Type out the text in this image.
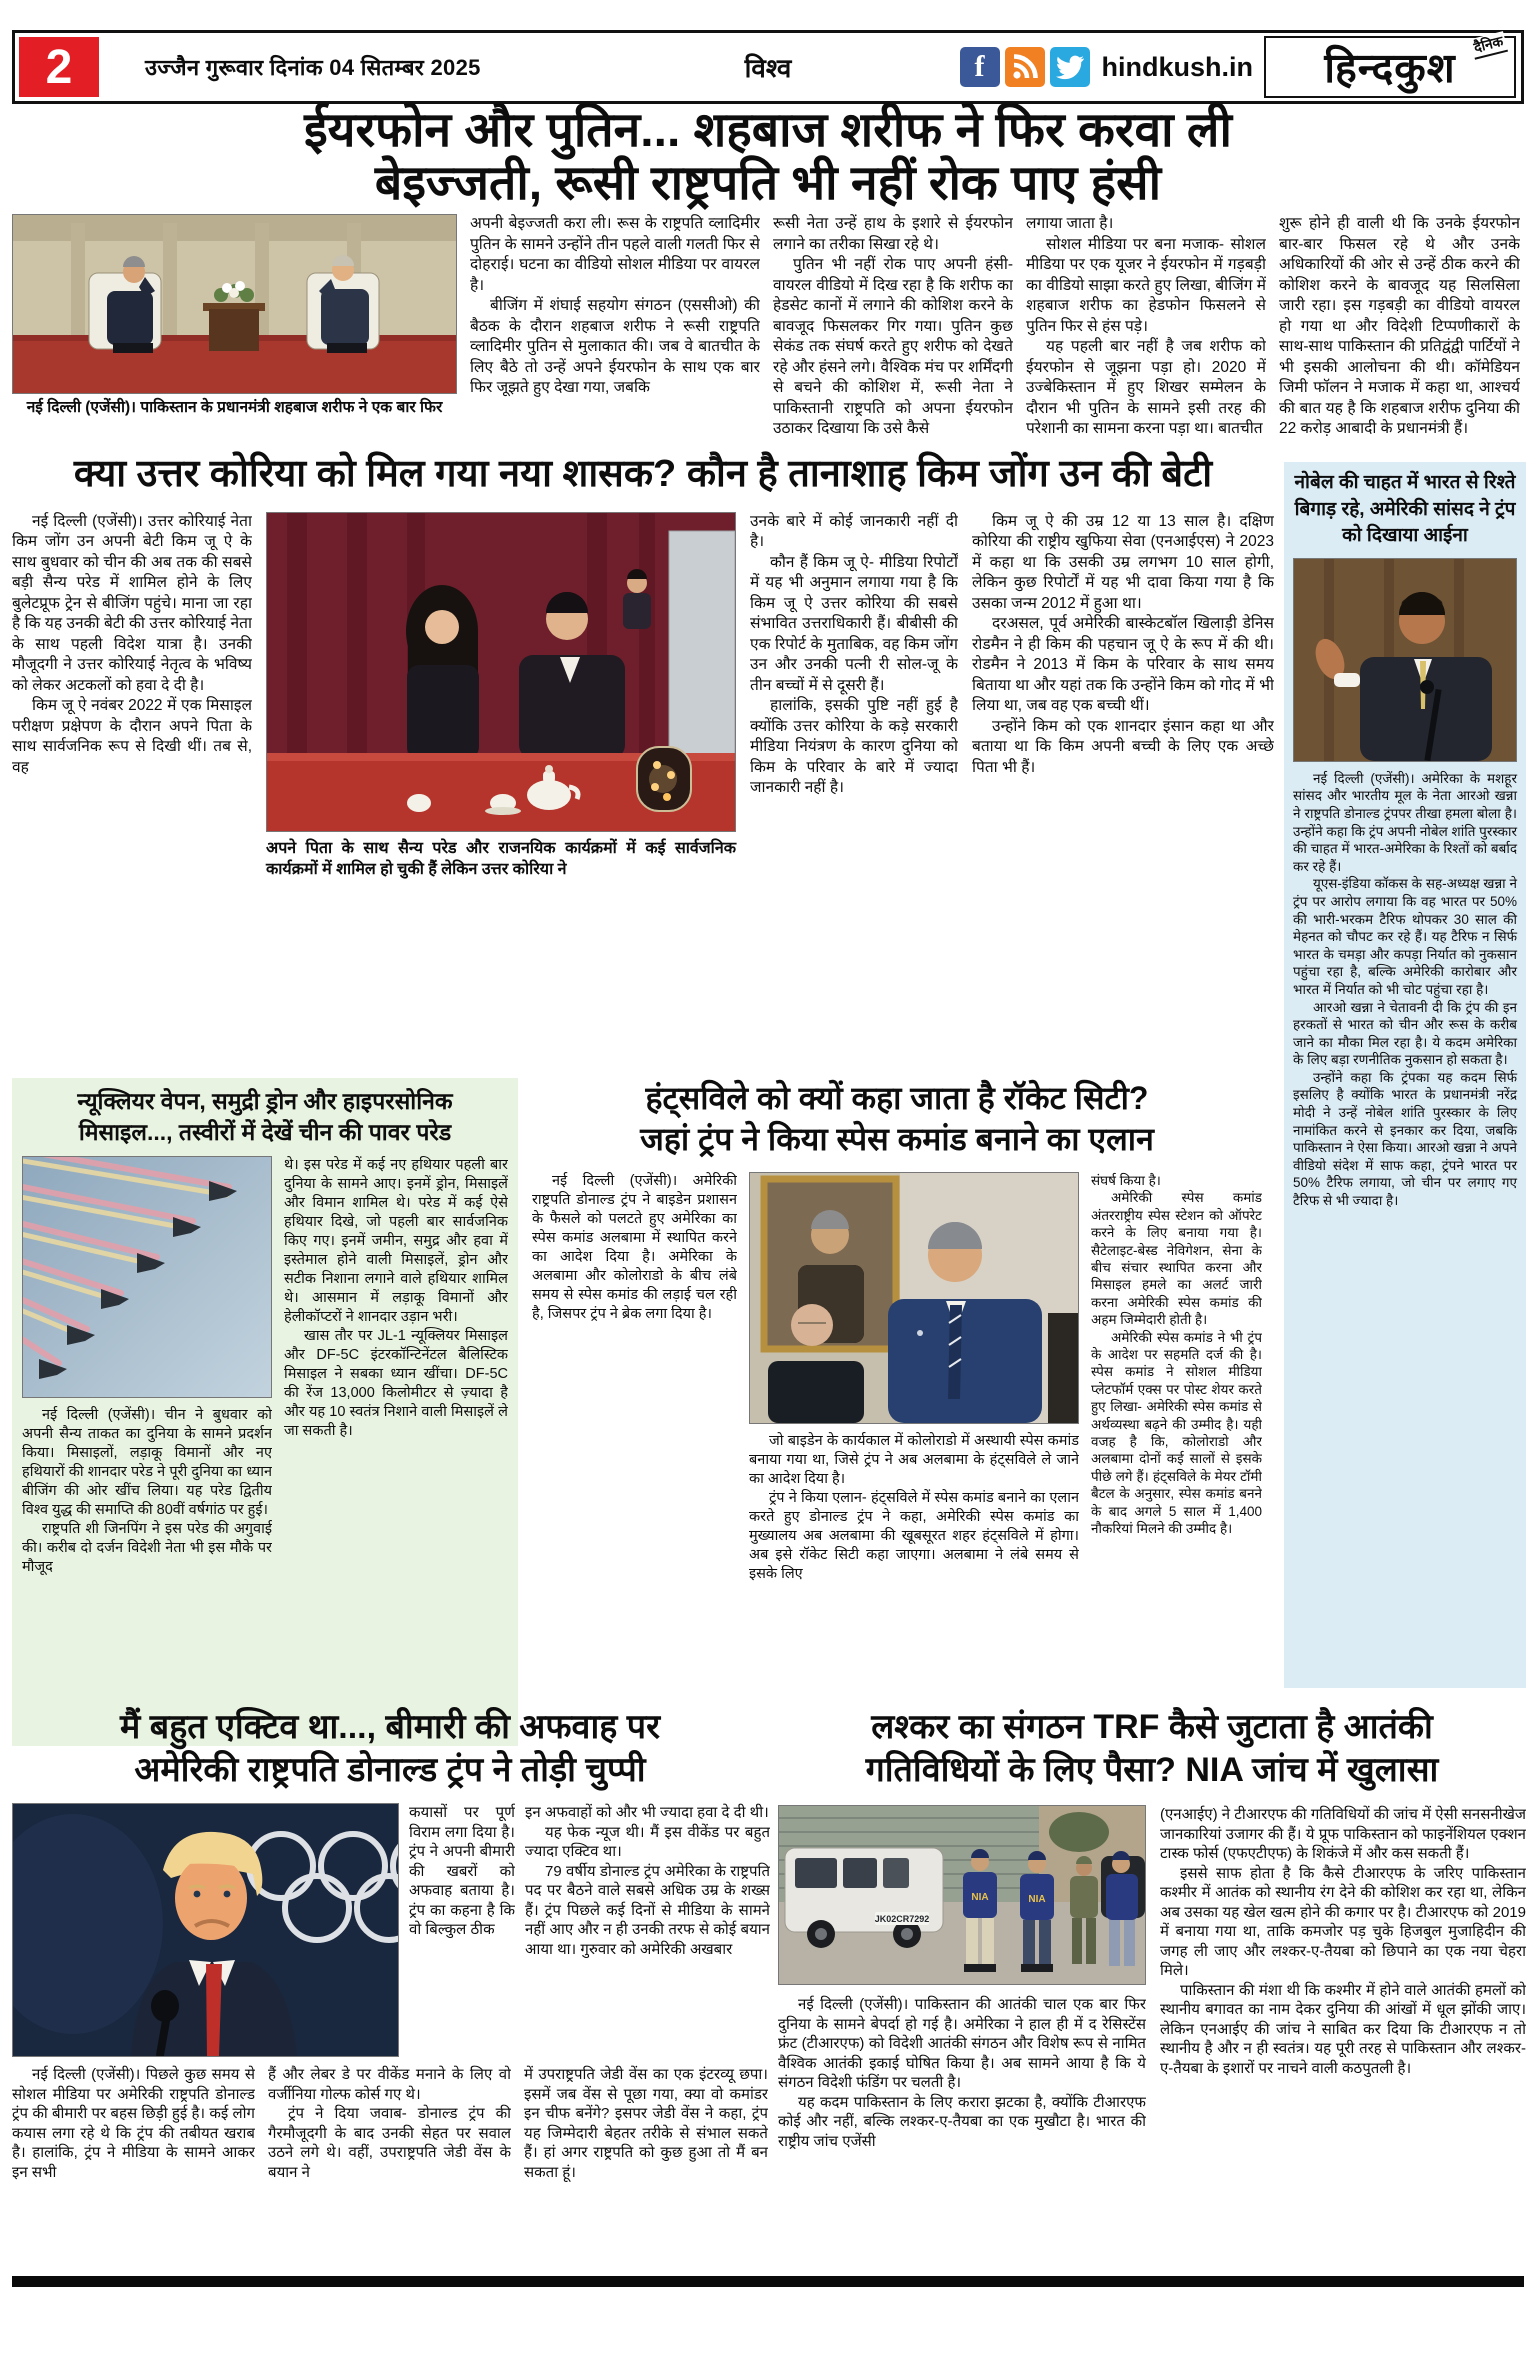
2	उज्जैन गुरूवार दिनांक 04 सितम्बर 2025	विश्व	f	hindkush.in हिन्दकुश
दैनिक
ईयरफोन और पुतिन... शहबाज शरीफ ने फिर करवा ली
बेइज्जती, रूसी राष्ट्रपति भी नहीं रोक पाए हंसी
नई दिल्ली (एजेंसी)। पाकिस्तान के प्रधानमंत्री शहबाज शरीफ ने एक बार फिर

अपनी बेइज्जती करा ली। रूस के राष्ट्रपति व्लादिमीर पुतिन के सामने उन्होंने तीन पहले वाली गलती फिर से दोहराई। घटना का वीडियो सोशल मीडिया पर वायरल है।

बीजिंग में शंघाई सहयोग संगठन (एससीओ) की बैठक के दौरान शहबाज शरीफ ने रूसी राष्ट्रपति व्लादिमीर पुतिन से मुलाकात की। जब वे बातचीत के लिए बैठे तो उन्हें अपने ईयरफोन के साथ एक बार फिर जूझते हुए देखा गया, जबकि

रूसी नेता उन्हें हाथ के इशारे से ईयरफोन लगाने का तरीका सिखा रहे थे।

पुतिन भी नहीं रोक पाए अपनी हंसी- वायरल वीडियो में दिख रहा है कि शरीफ का हेडसेट कानों में लगाने की कोशिश करने के बावजूद फिसलकर गिर गया। पुतिन कुछ सेकंड तक संघर्ष करते हुए शरीफ को देखते रहे और हंसने लगे। वैश्विक मंच पर शर्मिंदगी से बचने की कोशिश में, रूसी नेता ने पाकिस्तानी राष्ट्रपति को अपना ईयरफोन उठाकर दिखाया कि उसे कैसे

लगाया जाता है।

सोशल मीडिया पर बना मजाक- सोशल मीडिया पर एक यूजर ने ईयरफोन में गड़बड़ी का वीडियो साझा करते हुए लिखा, बीजिंग में शहबाज शरीफ का हेडफोन फिसलने से पुतिन फिर से हंस पड़े।

यह पहली बार नहीं है जब शरीफ को ईयरफोन से जूझना पड़ा हो। 2020 में उज्बेकिस्तान में हुए शिखर सम्मेलन के दौरान भी पुतिन के सामने इसी तरह की परेशानी का सामना करना पड़ा था। बातचीत

शुरू होने ही वाली थी कि उनके ईयरफोन बार-बार फिसल रहे थे और उनके अधिकारियों की ओर से उन्हें ठीक करने की कोशिश करने के बावजूद यह सिलसिला जारी रहा। इस गड़बड़ी का वीडियो वायरल हो गया था और विदेशी टिप्पणीकारों के साथ-साथ पाकिस्तान की प्रतिद्वंद्वी पार्टियों ने भी इसकी आलोचना की थी। कॉमेडियन जिमी फॉलन ने मजाक में कहा था, आश्चर्य की बात यह है कि शहबाज शरीफ दुनिया की 22 करोड़ आबादी के प्रधानमंत्री हैं।

क्या उत्तर कोरिया को मिल गया नया शासक? कौन है तानाशाह किम जोंग उन की बेटी

नई दिल्ली (एजेंसी)। उत्तर कोरियाई नेता किम जोंग उन अपनी बेटी किम जू ऐ के साथ बुधवार को चीन की अब तक की सबसे बड़ी सैन्य परेड में शामिल होने के लिए बुलेटप्रूफ ट्रेन से बीजिंग पहुंचे। माना जा रहा है कि यह उनकी बेटी की उत्तर कोरियाई नेता के साथ पहली विदेश यात्रा है। उनकी मौजूदगी ने उत्तर कोरियाई नेतृत्व के भविष्य को लेकर अटकलों को हवा दे दी है।

किम जू ऐ नवंबर 2022 में एक मिसाइल परीक्षण प्रक्षेपण के दौरान अपने पिता के साथ सार्वजनिक रूप से दिखी थीं। तब से, वह

अपने पिता के साथ सैन्य परेड और राजनयिक कार्यक्रमों में कई सार्वजनिक कार्यक्रमों में शामिल हो चुकी हैं लेकिन उत्तर कोरिया ने

उनके बारे में कोई जानकारी नहीं दी है।

कौन हैं किम जू ऐ- मीडिया रिपोर्टों में यह भी अनुमान लगाया गया है कि किम जू ऐ उत्तर कोरिया की सबसे संभावित उत्तराधिकारी हैं। बीबीसी की एक रिपोर्ट के मुताबिक, वह किम जोंग उन और उनकी पत्नी री सोल-जू के तीन बच्चों में से दूसरी हैं।

हालांकि, इसकी पुष्टि नहीं हुई है क्योंकि उत्तर कोरिया के कड़े सरकारी मीडिया नियंत्रण के कारण दुनिया को किम के परिवार के बारे में ज्यादा जानकारी नहीं है।

किम जू ऐ की उम्र 12 या 13 साल है। दक्षिण कोरिया की राष्ट्रीय खुफिया सेवा (एनआईएस) ने 2023 में कहा था कि उसकी उम्र लगभग 10 साल होगी, लेकिन कुछ रिपोर्टों में यह भी दावा किया गया है कि उसका जन्म 2012 में हुआ था।

दरअसल, पूर्व अमेरिकी बास्केटबॉल खिलाड़ी डेनिस रोडमैन ने ही किम की पहचान जू ऐ के रूप में की थी। रोडमैन ने 2013 में किम के परिवार के साथ समय बिताया था और यहां तक कि उन्होंने किम को गोद में भी लिया था, जब वह एक बच्ची थीं।

उन्होंने किम को एक शानदार इंसान कहा था और बताया था कि किम अपनी बच्ची के लिए एक अच्छे पिता भी हैं।

नोबेल की चाहत में भारत से रिश्ते बिगाड़ रहे, अमेरिकी सांसद ने ट्रंप को दिखाया आईना

नई दिल्ली (एजेंसी)। अमेरिका के मशहूर सांसद और भारतीय मूल के नेता आरओ खन्ना ने राष्ट्रपति डोनाल्ड ट्रंपपर तीखा हमला बोला है। उन्होंने कहा कि ट्रंप अपनी नोबेल शांति पुरस्कार की चाहत में भारत-अमेरिका के रिश्तों को बर्बाद कर रहे हैं।

यूएस-इंडिया कॉकस के सह-अध्यक्ष खन्ना ने ट्रंप पर आरोप लगाया कि वह भारत पर 50% की भारी-भरकम टैरिफ थोपकर 30 साल की मेहनत को चौपट कर रहे हैं। यह टैरिफ न सिर्फ भारत के चमड़ा और कपड़ा निर्यात को नुकसान पहुंचा रहा है, बल्कि अमेरिकी कारोबार और भारत में निर्यात को भी चोट पहुंचा रहा है।

आरओ खन्ना ने चेतावनी दी कि ट्रंप की इन हरकतों से भारत को चीन और रूस के करीब जाने का मौका मिल रहा है। ये कदम अमेरिका के लिए बड़ा रणनीतिक नुकसान हो सकता है।

उन्होंने कहा कि ट्रंपका यह कदम सिर्फ इसलिए है क्योंकि भारत के प्रधानमंत्री नरेंद्र मोदी ने उन्हें नोबेल शांति पुरस्कार के लिए नामांकित करने से इनकार कर दिया, जबकि पाकिस्तान ने ऐसा किया। आरओ खन्ना ने अपने वीडियो संदेश में साफ कहा, ट्रंपने भारत पर 50% टैरिफ लगाया, जो चीन पर लगाए गए टैरिफ से भी ज्यादा है।

न्यूक्लियर वेपन, समुद्री ड्रोन और हाइपरसोनिक
मिसाइल..., तस्वीरों में देखें चीन की पावर परेड

नई दिल्ली (एजेंसी)। चीन ने बुधवार को अपनी सैन्य ताकत का दुनिया के सामने प्रदर्शन किया। मिसाइलों, लड़ाकू विमानों और नए हथियारों की शानदार परेड ने पूरी दुनिया का ध्यान बीजिंग की ओर खींच लिया। यह परेड द्वितीय विश्व युद्ध की समाप्ति की 80वीं वर्षगांठ पर हुई।

राष्ट्रपति शी जिनपिंग ने इस परेड की अगुवाई की। करीब दो दर्जन विदेशी नेता भी इस मौके पर मौजूद

थे। इस परेड में कई नए हथियार पहली बार दुनिया के सामने आए। इनमें ड्रोन, मिसाइलें और विमान शामिल थे। परेड में कई ऐसे हथियार दिखे, जो पहली बार सार्वजनिक किए गए। इनमें जमीन, समुद्र और हवा में इस्तेमाल होने वाली मिसाइलें, ड्रोन और सटीक निशाना लगाने वाले हथियार शामिल थे। आसमान में लड़ाकू विमानों और हेलीकॉप्टरों ने शानदार उड़ान भरी।

खास तौर पर JL-1 न्यूक्लियर मिसाइल और DF-5C इंटरकॉन्टिनेंटल बैलिस्टिक मिसाइल ने सबका ध्यान खींचा। DF-5C की रेंज 13,000 किलोमीटर से ज़्यादा है और यह 10 स्वतंत्र निशाने वाली मिसाइलें ले जा सकती है।

हंट्सविले को क्यों कहा जाता है रॉकेट सिटी?
जहां ट्रंप ने किया स्पेस कमांड बनाने का एलान

नई दिल्ली (एजेंसी)। अमेरिकी राष्ट्रपति डोनाल्ड ट्रंप ने बाइडेन प्रशासन के फैसले को पलटते हुए अमेरिका का स्पेस कमांड अलबामा में स्थापित करने का आदेश दिया है। अमेरिका के अलबामा और कोलोराडो के बीच लंबे समय से स्पेस कमांड की लड़ाई चल रही है, जिसपर ट्रंप ने ब्रेक लगा दिया है।

जो बाइडेन के कार्यकाल में कोलोराडो में अस्थायी स्पेस कमांड बनाया गया था, जिसे ट्रंप ने अब अलबामा के हंट्सविले ले जाने का आदेश दिया है।

ट्रंप ने किया एलान- हंट्सविले में स्पेस कमांड बनाने का एलान करते हुए डोनाल्ड ट्रंप ने कहा, अमेरिकी स्पेस कमांड का मुख्यालय अब अलबामा की खूबसूरत शहर हंट्सविले में होगा। अब इसे रॉकेट सिटी कहा जाएगा। अलबामा ने लंबे समय से इसके लिए

संघर्ष किया है।

अमेरिकी स्पेस कमांड अंतरराष्ट्रीय स्पेस स्टेशन को ऑपरेट करने के लिए बनाया गया है। सैटेलाइट-बेस्ड नेविगेशन, सेना के बीच संचार स्थापित करना और मिसाइल हमले का अलर्ट जारी करना अमेरिकी स्पेस कमांड की अहम जिम्मेदारी होती है।

अमेरिकी स्पेस कमांड ने भी ट्रंप के आदेश पर सहमति दर्ज की है। स्पेस कमांड ने सोशल मीडिया प्लेटफॉर्म एक्स पर पोस्ट शेयर करते हुए लिखा- अमेरिकी स्पेस कमांड से अर्थव्यस्था बढ़ने की उम्मीद है। यही वजह है कि, कोलोराडो और अलबामा दोनों कई सालों से इसके पीछे लगे हैं। हंट्सविले के मेयर टॉमी बैटल के अनुसार, स्पेस कमांड बनने के बाद अगले 5 साल में 1,400 नौकरियां मिलने की उम्मीद है।

मैं बहुत एक्टिव था..., बीमारी की अफवाह पर
अमेरिकी राष्ट्रपति डोनाल्ड ट्रंप ने तोड़ी चुप्पी

कयासों पर पूर्ण विराम लगा दिया है। ट्रंप ने अपनी बीमारी की खबरों को अफवाह बताया है। ट्रंप का कहना है कि वो बिल्कुल ठीक

इन अफवाहों को और भी ज्यादा हवा दे दी थी।

यह फेक न्यूज थी। मैं इस वीकेंड पर बहुत ज्यादा एक्टिव था।

79 वर्षीय डोनाल्ड ट्रंप अमेरिका के राष्ट्रपति पद पर बैठने वाले सबसे अधिक उम्र के शख्स हैं। ट्रंप पिछले कई दिनों से मीडिया के सामने नहीं आए और न ही उनकी तरफ से कोई बयान आया था। गुरुवार को अमेरिकी अखबार

नई दिल्ली (एजेंसी)। पिछले कुछ समय से सोशल मीडिया पर अमेरिकी राष्ट्रपति डोनाल्ड ट्रंप की बीमारी पर बहस छिड़ी हुई है। कई लोग कयास लगा रहे थे कि ट्रंप की तबीयत खराब है। हालांकि, ट्रंप ने मीडिया के सामने आकर इन सभी

हैं और लेबर डे पर वीकेंड मनाने के लिए वो वर्जीनिया गोल्फ कोर्स गए थे।

ट्रंप ने दिया जवाब- डोनाल्ड ट्रंप की गैरमौजूदगी के बाद उनकी सेहत पर सवाल उठने लगे थे। वहीं, उपराष्ट्रपति जेडी वेंस के बयान ने

में उपराष्ट्रपति जेडी वेंस का एक इंटरव्यू छपा। इसमें जब वेंस से पूछा गया, क्या वो कमांडर इन चीफ बनेंगे? इसपर जेडी वेंस ने कहा, ट्रंप यह जिम्मेदारी बेहतर तरीके से संभाल सकते हैं। हां अगर राष्ट्रपति को कुछ हुआ तो मैं बन सकता हूं।

लश्कर का संगठन TRF कैसे जुटाता है आतंकी
गतिविधियों के लिए पैसा? NIA जांच में खुलासा
JK02CR7292
NIA	NIA

नई दिल्ली (एजेंसी)। पाकिस्तान की आतंकी चाल एक बार फिर दुनिया के सामने बेपर्दा हो गई है। अमेरिका ने हाल ही में द रेसिस्टेंस फ्रंट (टीआरएफ) को विदेशी आतंकी संगठन और विशेष रूप से नामित वैश्विक आतंकी इकाई घोषित किया है। अब सामने आया है कि ये संगठन विदेशी फंडिंग पर चलती है।

यह कदम पाकिस्तान के लिए करारा झटका है, क्योंकि टीआरएफ कोई और नहीं, बल्कि लश्कर-ए-तैयबा का एक मुखौटा है। भारत की राष्ट्रीय जांच एजेंसी

(एनआईए) ने टीआरएफ की गतिविधियों की जांच में ऐसी सनसनीखेज जानकारियां उजागर की हैं। ये प्रूफ पाकिस्तान को फाइनेंशियल एक्शन टास्क फोर्स (एफएटीएफ) के शिकंजे में और कस सकती हैं।

इससे साफ होता है कि कैसे टीआरएफ के जरिए पाकिस्तान कश्मीर में आतंक को स्थानीय रंग देने की कोशिश कर रहा था, लेकिन अब उसका यह खेल खत्म होने की कगार पर है। टीआरएफ को 2019 में बनाया गया था, ताकि कमजोर पड़ चुके हिजबुल मुजाहिदीन की जगह ली जाए और लश्कर-ए-तैयबा को छिपाने का एक नया चेहरा मिले।

पाकिस्तान की मंशा थी कि कश्मीर में होने वाले आतंकी हमलों को स्थानीय बगावत का नाम देकर दुनिया की आंखों में धूल झोंकी जाए। लेकिन एनआईए की जांच ने साबित कर दिया कि टीआरएफ न तो स्थानीय है और न ही स्वतंत्र। यह पूरी तरह से पाकिस्तान और लश्कर-ए-तैयबा के इशारों पर नाचने वाली कठपुतली है।
